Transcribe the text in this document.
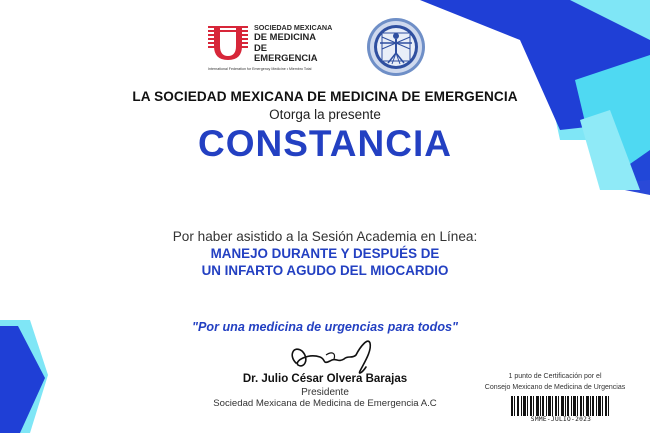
SOCIEDAD MEXICANA
DE MEDICINA
DE EMERGENCIA
International Federation for Emergency Medicine • Miembro Total
LA SOCIEDAD MEXICANA DE MEDICINA DE EMERGENCIA
Otorga la presente
CONSTANCIA
Por haber asistido a la Sesión Academia en Línea:
MANEJO DURANTE Y DESPUÉS DE
UN INFARTO AGUDO DEL MIOCARDIO
"Por una medicina de urgencias para todos"
Dr. Julio César Olvera Barajas
Presidente
Sociedad Mexicana de Medicina de Emergencia A.C
1 punto de Certificación por el
Consejo Mexicano de Medicina de Urgencias
SMME-JULIO-2023
